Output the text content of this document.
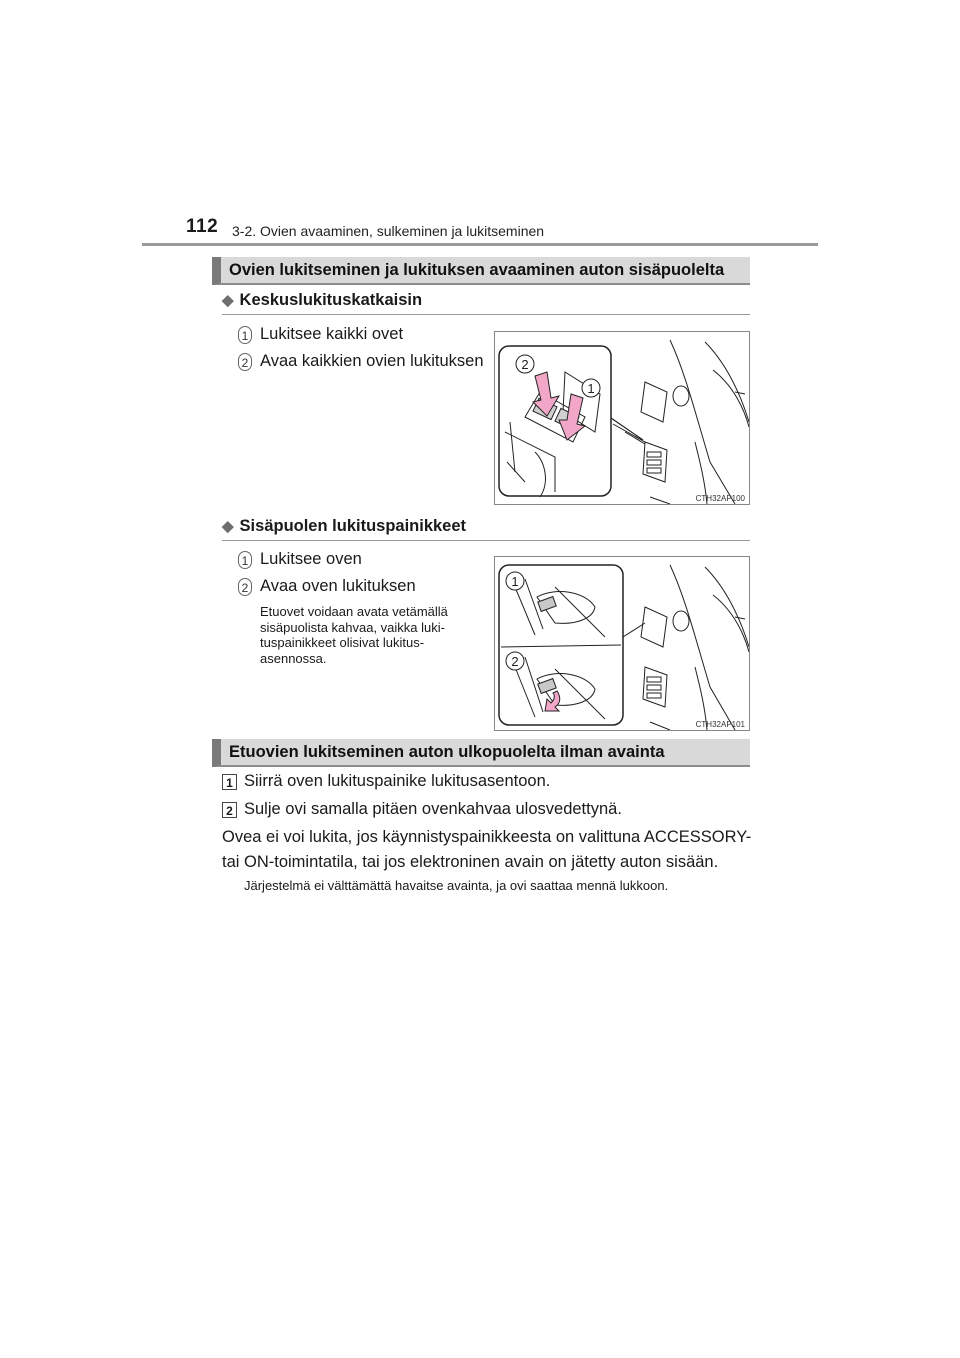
112 3-2. Ovien avaaminen, sulkeminen ja lukitseminen
Ovien lukitseminen ja lukituksen avaaminen auton sisäpuolelta
◆ Keskuslukituskatkaisin
1 Lukitsee kaikki ovet
2 Avaa kaikkien ovien lukituksen	2
1
CTH32AP100
◆ Sisäpuolen lukituspainikkeet
1 Lukitsee oven
2 Avaa oven lukituksen
Etuovet voidaan avata vetämällä
sisäpuolista kahvaa, vaikka luki-
tuspainikkeet olisivat lukitus-
asennossa.
1
2
CTH32AP101
Etuovien lukitseminen auton ulkopuolelta ilman avainta
1 Siirrä oven lukituspainike lukitusasentoon.
2 Sulje ovi samalla pitäen ovenkahvaa ulosvedettynä.
Ovea ei voi lukita, jos käynnistyspainikkeesta on valittuna ACCESSORY-
tai ON-toimintatila, tai jos elektroninen avain on jätetty auton sisään.
Järjestelmä ei välttämättä havaitse avainta, ja ovi saattaa mennä lukkoon.
